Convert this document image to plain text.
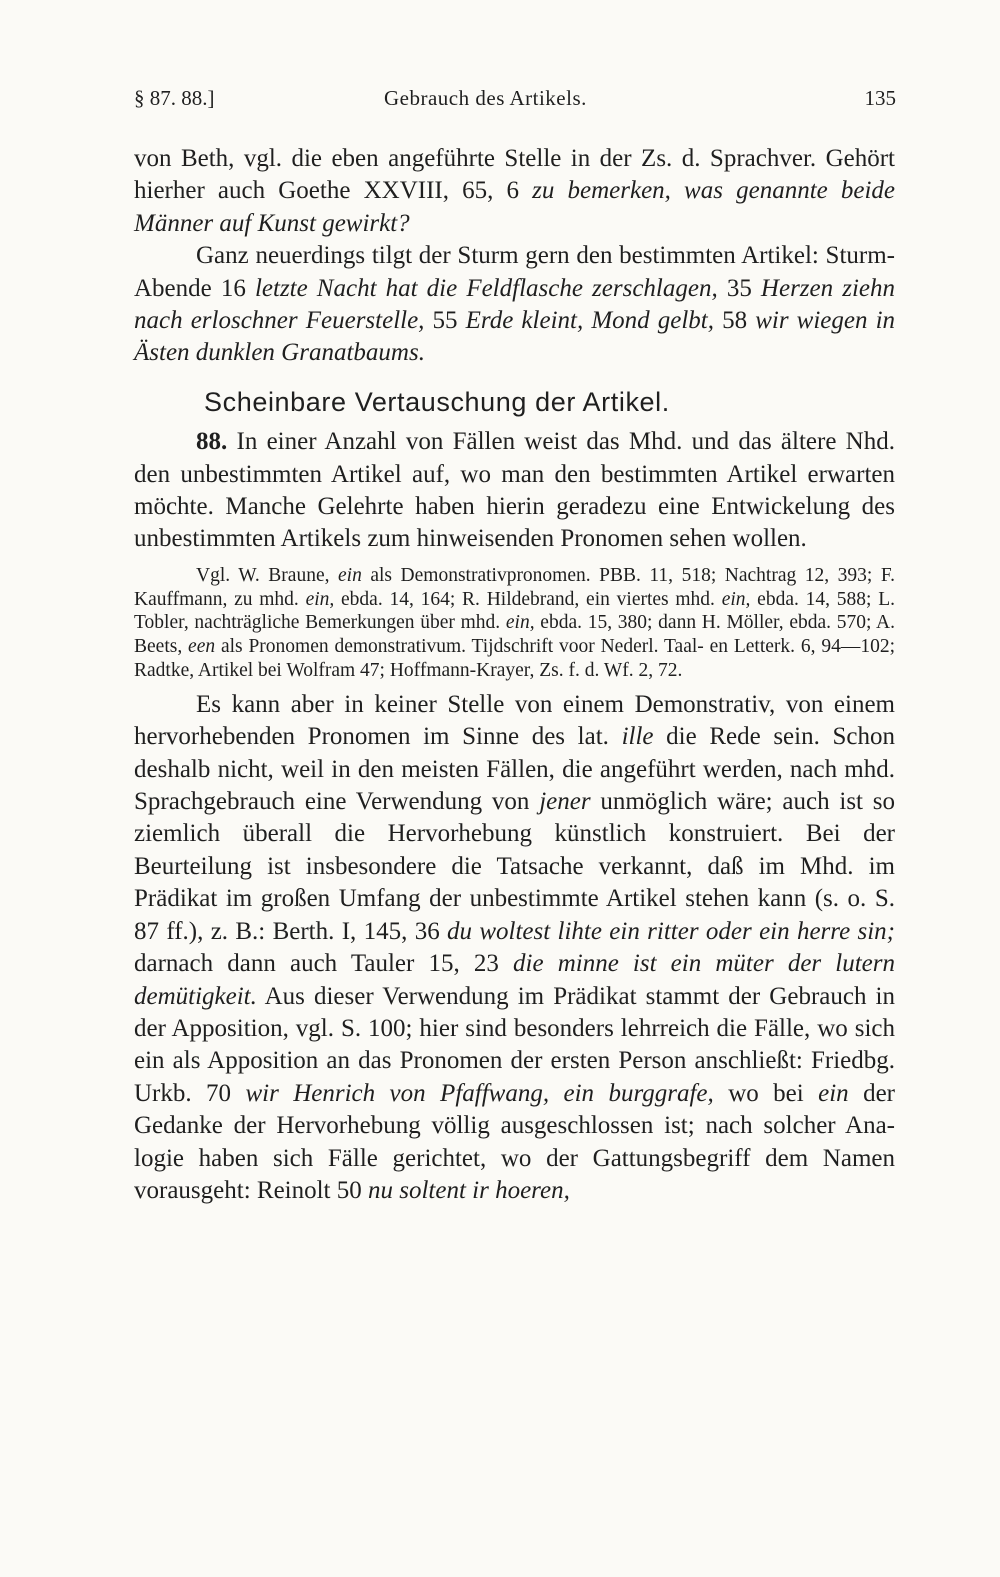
§ 87. 88.]	Gebrauch des Artikels.	135

von Beth, vgl. die eben angeführte Stelle in der Zs. d. Sprachver. Gehört hierher auch Goethe XXVIII, 65, 6 zu bemerken, was genannte beide Männer auf Kunst gewirkt?

Ganz neuerdings tilgt der Sturm gern den bestimmten Artikel: Sturm-Abende 16 letzte Nacht hat die Feldflasche zerschlagen, 35 Herzen ziehn nach erloschner Feuerstelle, 55 Erde kleint, Mond gelbt, 58 wir wiegen in Ästen dunklen Granatbaums.

Scheinbare Vertauschung der Artikel.

88. In einer Anzahl von Fällen weist das Mhd. und das ältere Nhd. den unbestimmten Artikel auf, wo man den bestimmten Artikel erwarten möchte. Manche Gelehrte haben hierin geradezu eine Entwickelung des unbestimmten Artikels zum hinweisenden Pronomen sehen wollen.

Vgl. W. Braune, ein als Demonstrativpronomen. PBB. 11, 518; Nachtrag 12, 393; F. Kauffmann, zu mhd. ein, ebda. 14, 164; R. Hildebrand, ein viertes mhd. ein, ebda. 14, 588; L. Tobler, nachträgliche Bemerkungen über mhd. ein, ebda. 15, 380; dann H. Möller, ebda. 570; A. Beets, een als Pronomen demonstrativum. Tijdschrift voor Nederl. Taal- en Letterk. 6, 94—102; Radtke, Artikel bei Wolfram 47; Hoffmann-Krayer, Zs. f. d. Wf. 2, 72.

Es kann aber in keiner Stelle von einem Demonstrativ, von einem hervorhebenden Pronomen im Sinne des lat. ille die Rede sein. Schon deshalb nicht, weil in den meisten Fällen, die angeführt werden, nach mhd. Sprachgebrauch eine Verwendung von jener unmöglich wäre; auch ist so ziemlich überall die Hervorhebung künstlich konstruiert. Bei der Beurteilung ist insbesondere die Tatsache verkannt, daß im Mhd. im Prädikat im großen Umfang der unbestimmte Artikel stehen kann (s. o. S. 87 ff.), z. B.: Berth. I, 145, 36 du woltest lihte ein ritter oder ein herre sin; darnach dann auch Tauler 15, 23 die minne ist ein müter der lutern demütigkeit. Aus dieser Verwendung im Prädikat stammt der Gebrauch in der Apposition, vgl. S. 100; hier sind besonders lehrreich die Fälle, wo sich ein als Apposition an das Pronomen der ersten Person anschließt: Friedbg. Urkb. 70 wir Henrich von Pfaffwang, ein burggrafe, wo bei ein der Gedanke der Hervorhebung völlig ausgeschlossen ist; nach solcher Analogie haben sich Fälle gerichtet, wo der Gattungsbegriff dem Namen vorausgeht: Reinolt 50 nu soltent ir hoeren,
